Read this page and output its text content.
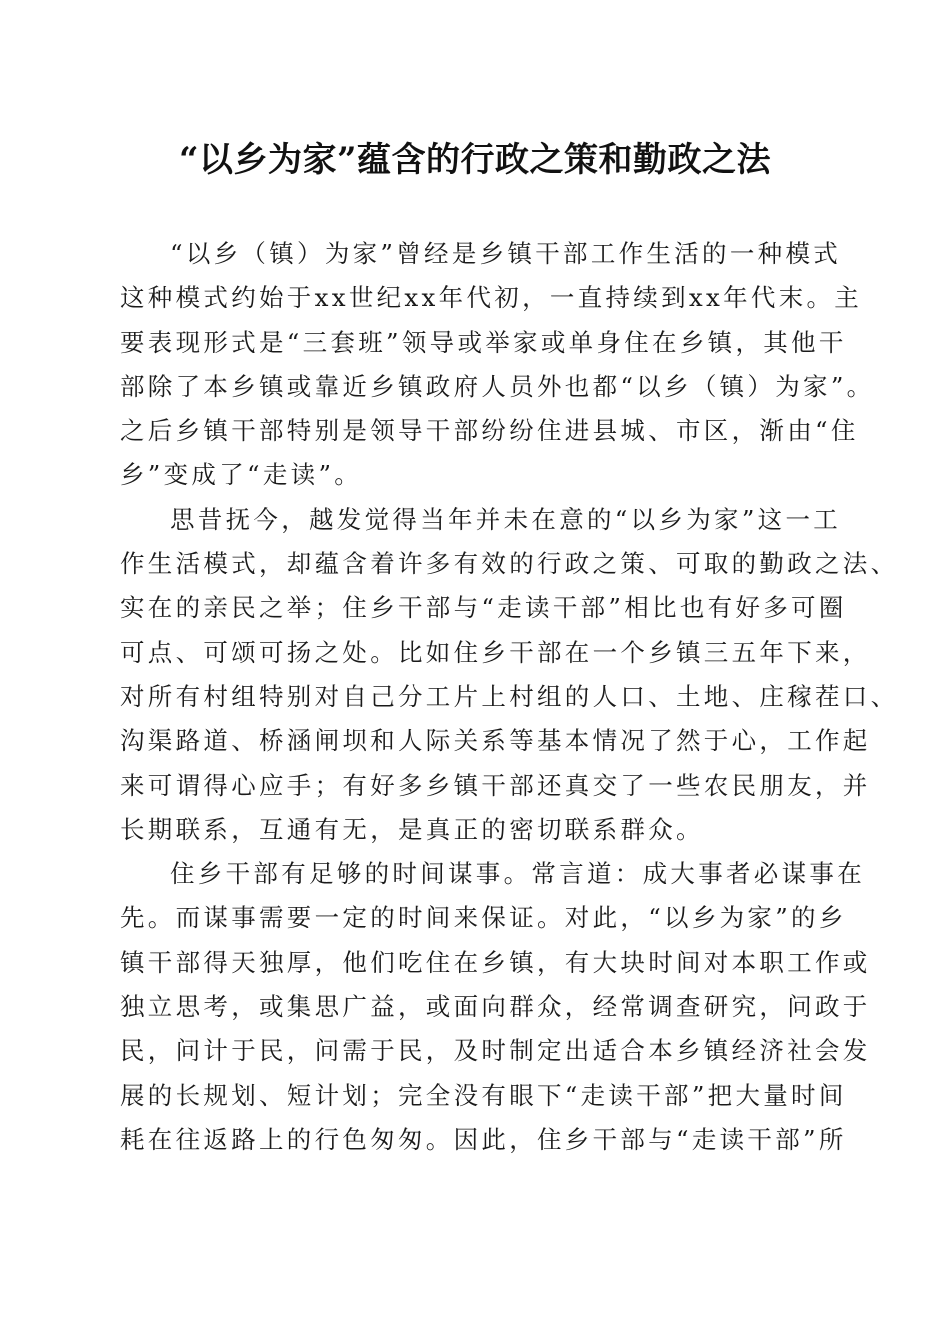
“以乡为家”蕴含的行政之策和勤政之法
“以乡（镇）为家”曾经是乡镇干部工作生活的一种模式
这种模式约始于xx世纪xx年代初，一直持续到xx年代末。主
要表现形式是“三套班”领导或举家或单身住在乡镇，其他干
部除了本乡镇或靠近乡镇政府人员外也都“以乡（镇）为家”。
之后乡镇干部特别是领导干部纷纷住进县城、市区，渐由“住
乡”变成了“走读”。
思昔抚今，越发觉得当年并未在意的“以乡为家”这一工
作生活模式，却蕴含着许多有效的行政之策、可取的勤政之法、
实在的亲民之举；住乡干部与“走读干部”相比也有好多可圈
可点、可颂可扬之处。比如住乡干部在一个乡镇三五年下来，
对所有村组特别对自己分工片上村组的人口、土地、庄稼茬口、
沟渠路道、桥涵闸坝和人际关系等基本情况了然于心，工作起
来可谓得心应手；有好多乡镇干部还真交了一些农民朋友，并
长期联系，互通有无，是真正的密切联系群众。
住乡干部有足够的时间谋事。常言道：成大事者必谋事在
先。而谋事需要一定的时间来保证。对此，“以乡为家”的乡
镇干部得天独厚，他们吃住在乡镇，有大块时间对本职工作或
独立思考，或集思广益，或面向群众，经常调查研究，问政于
民，问计于民，问需于民，及时制定出适合本乡镇经济社会发
展的长规划、短计划；完全没有眼下“走读干部”把大量时间
耗在往返路上的行色匆匆。因此，住乡干部与“走读干部”所
